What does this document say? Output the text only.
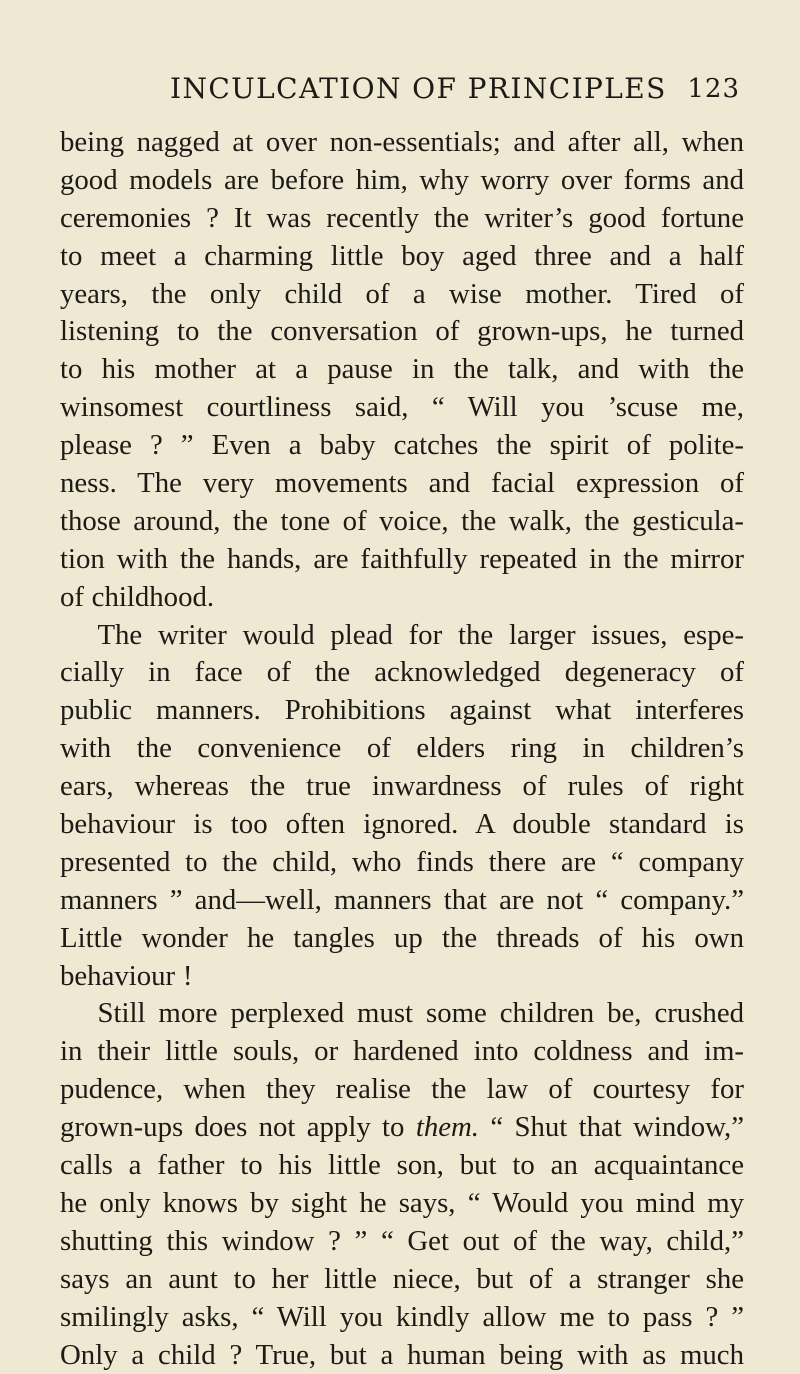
INCULCATION OF PRINCIPLES 123
being nagged at over non-essentials; and after all, when
good models are before him, why worry over forms and
ceremonies ? It was recently the writer’s good fortune
to meet a charming little boy aged three and a half
years, the only child of a wise mother. Tired of
listening to the conversation of grown-ups, he turned
to his mother at a pause in the talk, and with the
winsomest courtliness said, “ Will you ’scuse me,
please ? ” Even a baby catches the spirit of polite-
ness. The very movements and facial expression of
those around, the tone of voice, the walk, the gesticula-
tion with the hands, are faithfully repeated in the mirror
of childhood.
The writer would plead for the larger issues, espe-
cially in face of the acknowledged degeneracy of
public manners. Prohibitions against what interferes
with the convenience of elders ring in children’s
ears, whereas the true inwardness of rules of right
behaviour is too often ignored. A double standard is
presented to the child, who finds there are “ company
manners ” and—well, manners that are not “ company.”
Little wonder he tangles up the threads of his own
behaviour !
Still more perplexed must some children be, crushed
in their little souls, or hardened into coldness and im-
pudence, when they realise the law of courtesy for
grown-ups does not apply to them. “ Shut that window,”
calls a father to his little son, but to an acquaintance
he only knows by sight he says, “ Would you mind my
shutting this window ? ” “ Get out of the way, child,”
says an aunt to her little niece, but of a stranger she
smilingly asks, “ Will you kindly allow me to pass ? ”
Only a child ? True, but a human being with as much
